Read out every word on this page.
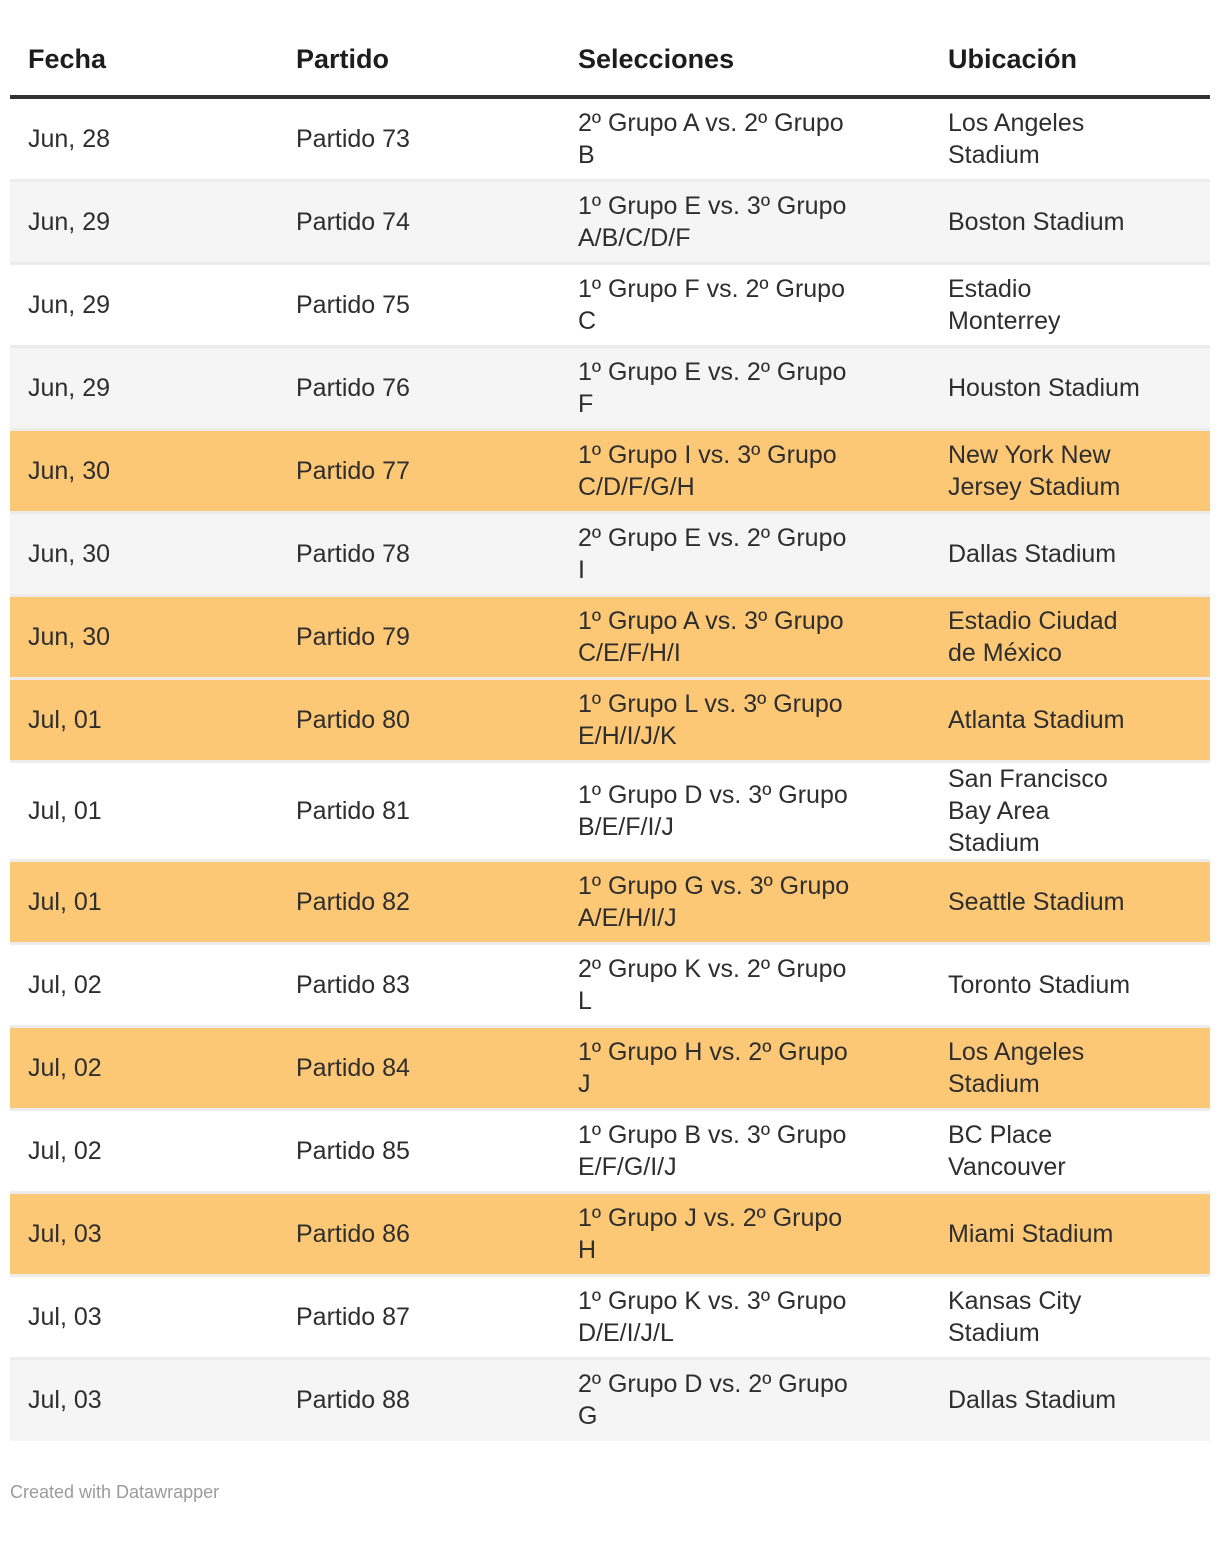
Fecha	Partido	Selecciones	Ubicación
Jun, 28	Partido 73	2º Grupo A vs. 2º Grupo B	Los Angeles Stadium
Jun, 29	Partido 74	1º Grupo E vs. 3º Grupo A/B/C/D/F	Boston Stadium
Jun, 29	Partido 75	1º Grupo F vs. 2º Grupo C	Estadio Monterrey
Jun, 29	Partido 76	1º Grupo E vs. 2º Grupo F	Houston Stadium
Jun, 30	Partido 77	1º Grupo I vs. 3º Grupo C/D/F/G/H	New York New Jersey Stadium
Jun, 30	Partido 78	2º Grupo E vs. 2º Grupo I	Dallas Stadium
Jun, 30	Partido 79	1º Grupo A vs. 3º Grupo C/E/F/H/I	Estadio Ciudad de México
Jul, 01	Partido 80	1º Grupo L vs. 3º Grupo E/H/I/J/K	Atlanta Stadium
Jul, 01	Partido 81	1º Grupo D vs. 3º Grupo B/E/F/I/J	San Francisco Bay Area Stadium
Jul, 01	Partido 82	1º Grupo G vs. 3º Grupo A/E/H/I/J	Seattle Stadium
Jul, 02	Partido 83	2º Grupo K vs. 2º Grupo L	Toronto Stadium
Jul, 02	Partido 84	1º Grupo H vs. 2º Grupo J	Los Angeles Stadium
Jul, 02	Partido 85	1º Grupo B vs. 3º Grupo E/F/G/I/J	BC Place Vancouver
Jul, 03	Partido 86	1º Grupo J vs. 2º Grupo H	Miami Stadium
Jul, 03	Partido 87	1º Grupo K vs. 3º Grupo D/E/I/J/L	Kansas City Stadium
Jul, 03	Partido 88	2º Grupo D vs. 2º Grupo G	Dallas Stadium
Created with Datawrapper
